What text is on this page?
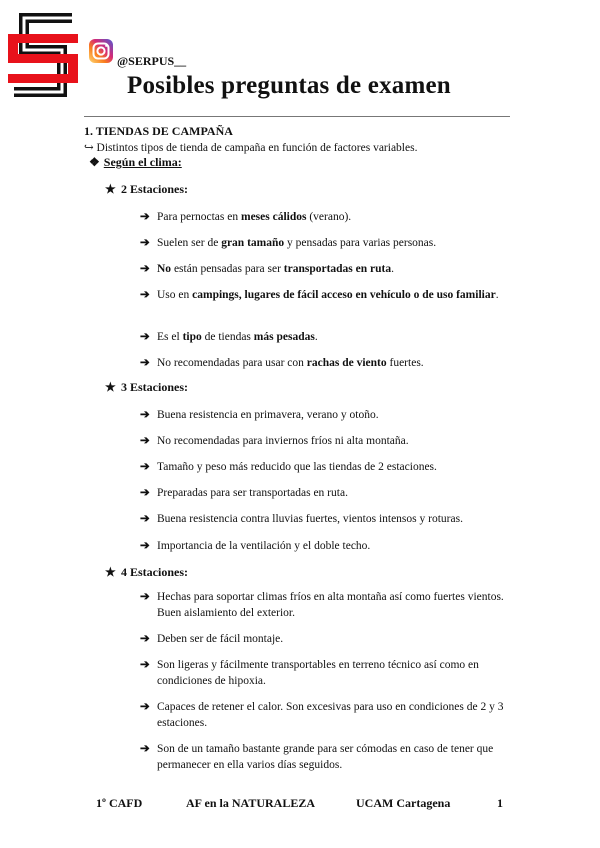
@SERPUS__
Posibles preguntas de examen
1. TIENDAS DE CAMPAÑA
↪ Distintos tipos de tienda de campaña en función de factores variables.
❖ Según el clima:
★ 2 Estaciones:
➔ Para pernoctas en meses cálidos (verano).
➔ Suelen ser de gran tamaño y pensadas para varias personas.
➔ No están pensadas para ser transportadas en ruta.
➔ Uso en campings, lugares de fácil acceso en vehículo o de uso familiar.
➔ Es el tipo de tiendas más pesadas.
➔ No recomendadas para usar con rachas de viento fuertes.
★ 3 Estaciones:
➔ Buena resistencia en primavera, verano y otoño.
➔ No recomendadas para inviernos fríos ni alta montaña.
➔ Tamaño y peso más reducido que las tiendas de 2 estaciones.
➔ Preparadas para ser transportadas en ruta.
➔ Buena resistencia contra lluvias fuertes, vientos intensos y roturas.
➔ Importancia de la ventilación y el doble techo.
★ 4 Estaciones:
➔ Hechas para soportar climas fríos en alta montaña así como fuertes vientos. Buen aislamiento del exterior.
➔ Deben ser de fácil montaje.
➔ Son ligeras y fácilmente transportables en terreno técnico así como en condiciones de hipoxia.
➔ Capaces de retener el calor. Son excesivas para uso en condiciones de 2 y 3 estaciones.
➔ Son de un tamaño bastante grande para ser cómodas en caso de tener que permanecer en ella varios días seguidos.
1º CAFD	AF en la NATURALEZA	UCAM Cartagena	1
